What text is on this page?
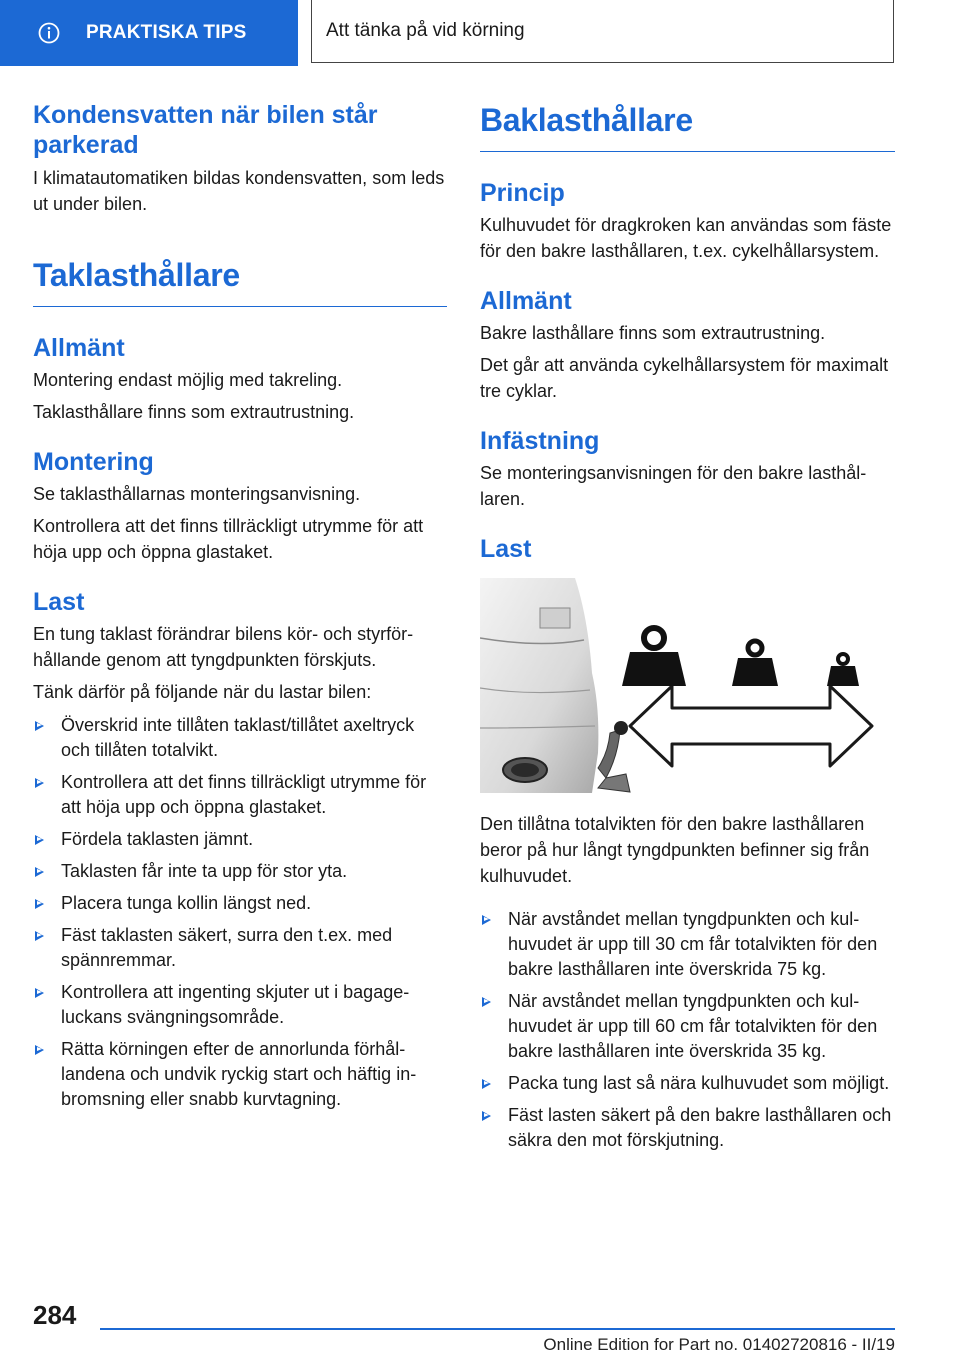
PRAKTISKA TIPS	Att tänka på vid körning
Kondensvatten när bilen står parkerad

I klimatautomatiken bildas kondensvatten, som leds ut under bilen.

Taklasthållare
Allmänt

Montering endast möjlig med takreling.

Taklasthållare finns som extrautrustning.

Montering

Se taklasthållarnas monteringsanvisning.

Kontrollera att det finns tillräckligt utrymme för att höja upp och öppna glastaket.

Last

En tung taklast förändrar bilens kör- och styrförhållande genom att tyngdpunkten förskjuts.

Tänk därför på följande när du lastar bilen:

Överskrid inte tillåten taklast/tillåtet axeltryck och tillåten totalvikt.
Kontrollera att det finns tillräckligt utrymme för att höja upp och öppna glastaket.
Fördela taklasten jämnt.
Taklasten får inte ta upp för stor yta.
Placera tunga kollin längst ned.
Fäst taklasten säkert, surra den t.ex. med spännremmar.
Kontrollera att ingenting skjuter ut i bagageluckans svängningsområde.
Rätta körningen efter de annorlunda förhållandena och undvik ryckig start och häftig inbromsning eller snabb kurvtagning.
Baklasthållare
Princip

Kulhuvudet för dragkroken kan användas som fäste för den bakre lasthållaren, t.ex. cykelhållarsystem.

Allmänt

Bakre lasthållare finns som extrautrustning.

Det går att använda cykelhållarsystem för maximalt tre cyklar.

Infästning

Se monteringsanvisningen för den bakre lasthållaren.

Last

Den tillåtna totalvikten för den bakre lasthållaren beror på hur långt tyngdpunkten befinner sig från kulhuvudet.

När avståndet mellan tyngdpunkten och kulhuvudet är upp till 30 cm får totalvikten för den bakre lasthållaren inte överskrida 75 kg.
När avståndet mellan tyngdpunkten och kulhuvudet är upp till 60 cm får totalvikten för den bakre lasthållaren inte överskrida 35 kg.
Packa tung last så nära kulhuvudet som möjligt.
Fäst lasten säkert på den bakre lasthållaren och säkra den mot förskjutning.
284
Online Edition for Part no. 01402720816 - II/19
